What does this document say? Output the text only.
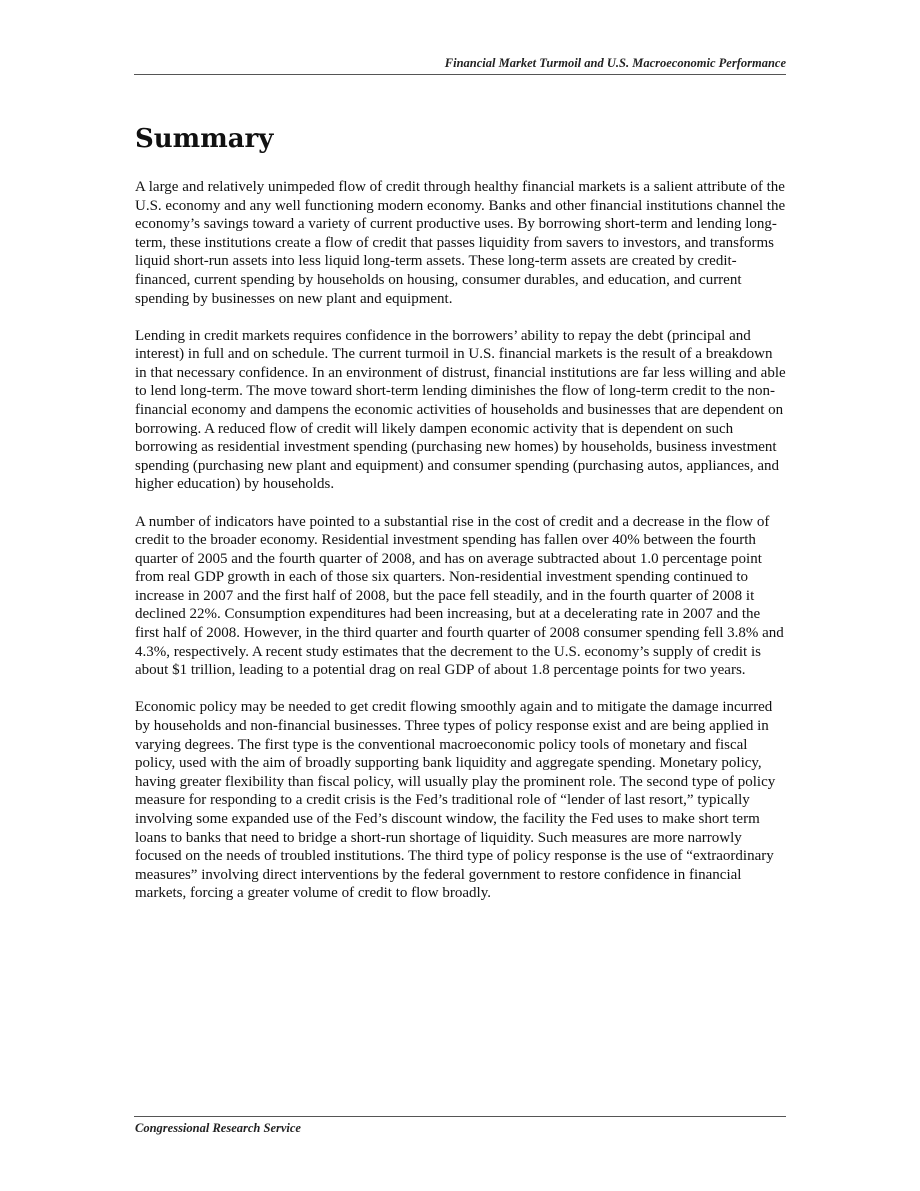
Financial Market Turmoil and U.S. Macroeconomic Performance
Summary

A large and relatively unimpeded flow of credit through healthy financial markets is a salient attribute of the U.S. economy and any well functioning modern economy. Banks and other financial institutions channel the economy’s savings toward a variety of current productive uses. By borrowing short-term and lending long-term, these institutions create a flow of credit that passes liquidity from savers to investors, and transforms liquid short-run assets into less liquid long-term assets. These long-term assets are created by credit-financed, current spending by households on housing, consumer durables, and education, and current spending by businesses on new plant and equipment.

Lending in credit markets requires confidence in the borrowers’ ability to repay the debt (principal and interest) in full and on schedule. The current turmoil in U.S. financial markets is the result of a breakdown in that necessary confidence. In an environment of distrust, financial institutions are far less willing and able to lend long-term. The move toward short-term lending diminishes the flow of long-term credit to the non-financial economy and dampens the economic activities of households and businesses that are dependent on borrowing. A reduced flow of credit will likely dampen economic activity that is dependent on such borrowing as residential investment spending (purchasing new homes) by households, business investment spending (purchasing new plant and equipment) and consumer spending (purchasing autos, appliances, and higher education) by households.

A number of indicators have pointed to a substantial rise in the cost of credit and a decrease in the flow of credit to the broader economy. Residential investment spending has fallen over 40% between the fourth quarter of 2005 and the fourth quarter of 2008, and has on average subtracted about 1.0 percentage point from real GDP growth in each of those six quarters. Non-residential investment spending continued to increase in 2007 and the first half of 2008, but the pace fell steadily, and in the fourth quarter of 2008 it declined 22%. Consumption expenditures had been increasing, but at a decelerating rate in 2007 and the first half of 2008. However, in the third quarter and fourth quarter of 2008 consumer spending fell 3.8% and 4.3%, respectively. A recent study estimates that the decrement to the U.S. economy’s supply of credit is about $1 trillion, leading to a potential drag on real GDP of about 1.8 percentage points for two years.

Economic policy may be needed to get credit flowing smoothly again and to mitigate the damage incurred by households and non-financial businesses. Three types of policy response exist and are being applied in varying degrees. The first type is the conventional macroeconomic policy tools of monetary and fiscal policy, used with the aim of broadly supporting bank liquidity and aggregate spending. Monetary policy, having greater flexibility than fiscal policy, will usually play the prominent role. The second type of policy measure for responding to a credit crisis is the Fed’s traditional role of “lender of last resort,” typically involving some expanded use of the Fed’s discount window, the facility the Fed uses to make short term loans to banks that need to bridge a short-run shortage of liquidity. Such measures are more narrowly focused on the needs of troubled institutions. The third type of policy response is the use of “extraordinary measures” involving direct interventions by the federal government to restore confidence in financial markets, forcing a greater volume of credit to flow broadly.

Congressional Research Service
